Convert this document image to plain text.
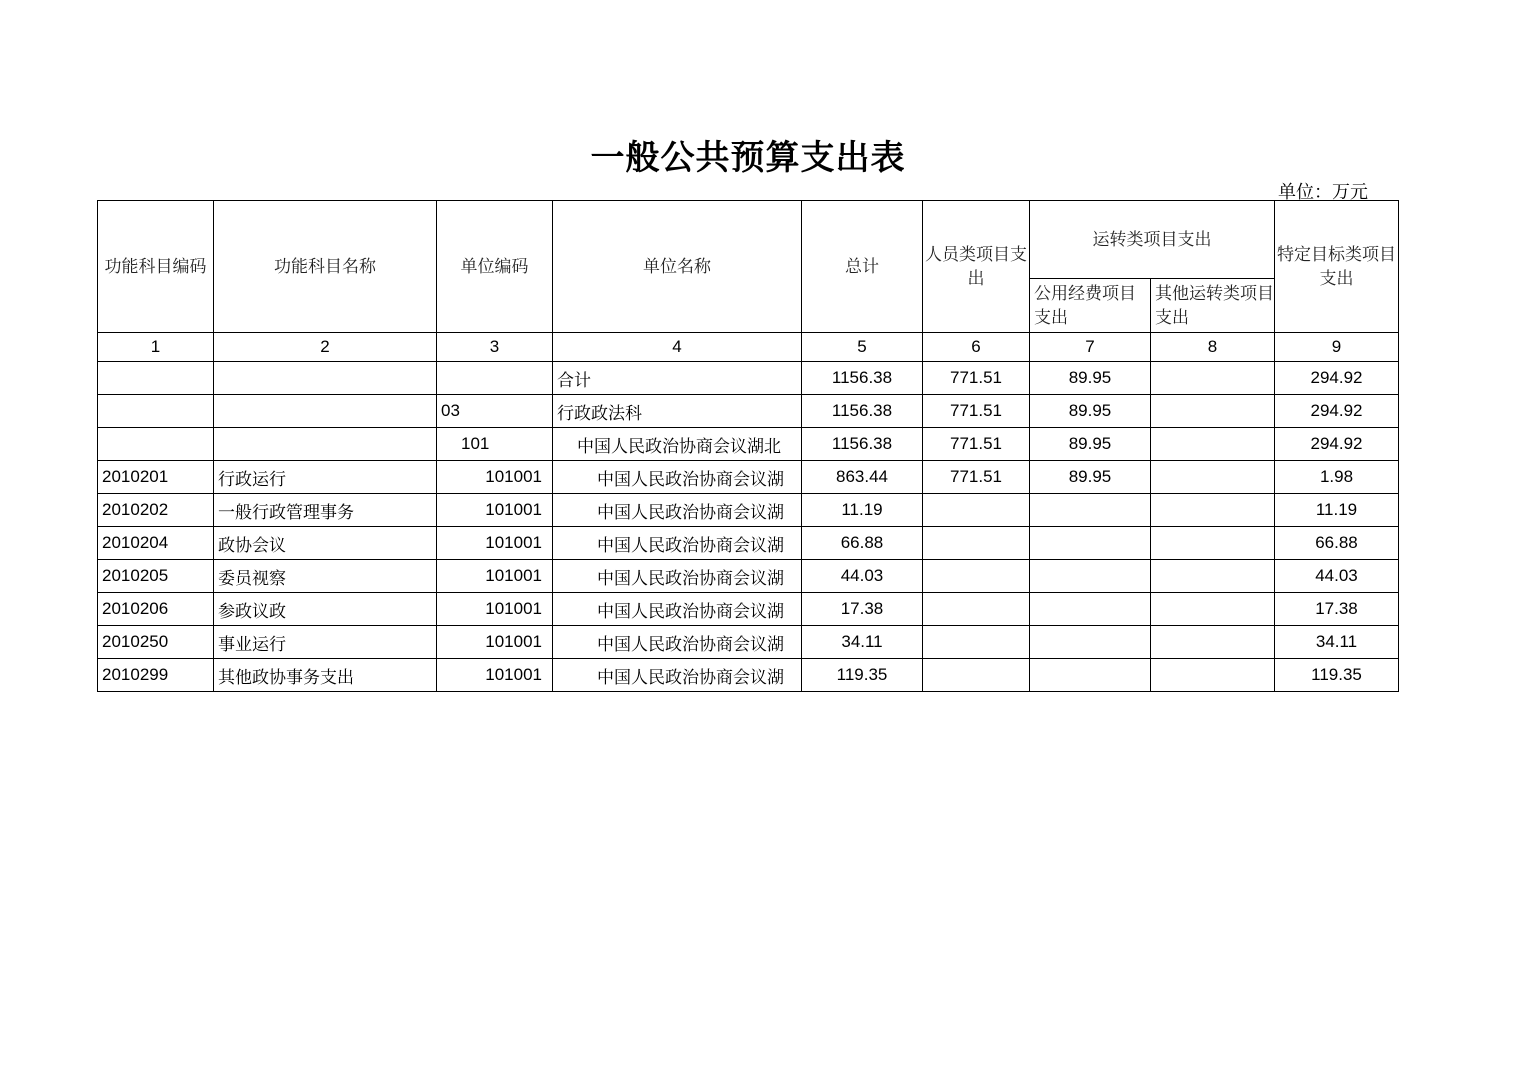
一般公共预算支出表
单位：万元
功能科目编码	功能科目名称	单位编码	单位名称	总计	人员类项目支出	运转类项目支出		特定目标类项目支出
						公用经费项目支出	其他运转类项目支出	
1	2	3	4	5	6	7	8	9
			合计	1156.38	771.51	89.95		294.92
		03	行政政法科	1156.38	771.51	89.95		294.92
		101	中国人民政治协商会议湖北	1156.38	771.51	89.95		294.92
2010201	行政运行	101001	中国人民政治协商会议湖	863.44	771.51	89.95		1.98
2010202	一般行政管理事务	101001	中国人民政治协商会议湖	11.19				11.19
2010204	政协会议	101001	中国人民政治协商会议湖	66.88				66.88
2010205	委员视察	101001	中国人民政治协商会议湖	44.03				44.03
2010206	参政议政	101001	中国人民政治协商会议湖	17.38				17.38
2010250	事业运行	101001	中国人民政治协商会议湖	34.11				34.11
2010299	其他政协事务支出	101001	中国人民政治协商会议湖	119.35				119.35
